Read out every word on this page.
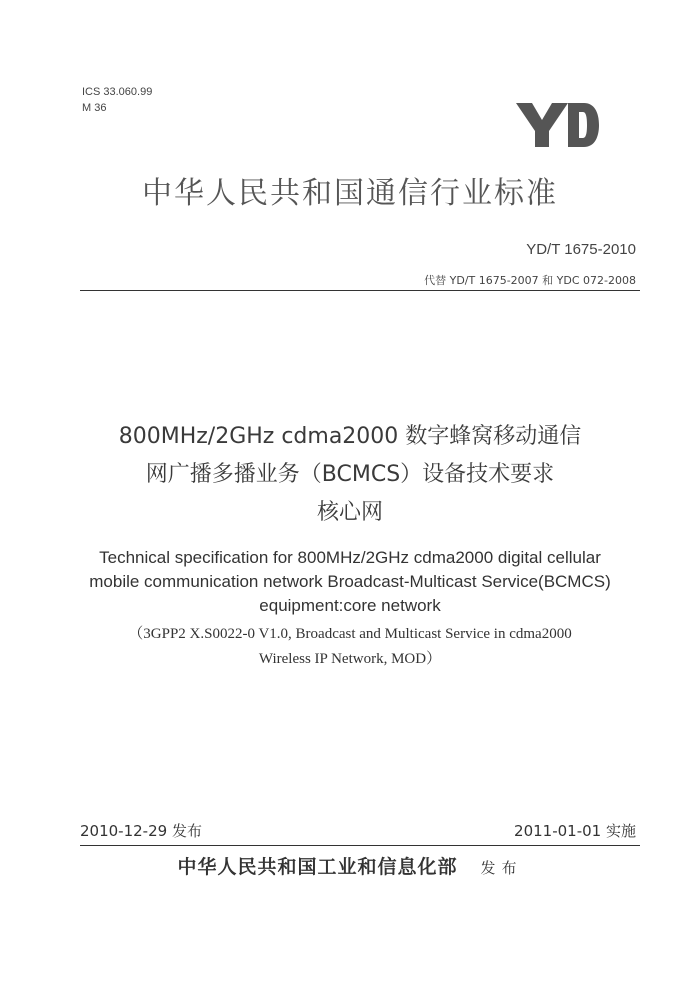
ICS 33.060.99
M 36
中华人民共和国通信行业标准
YD/T 1675-2010
代替 YD/T 1675-2007 和 YDC 072-2008
800MHz/2GHz cdma2000 数字蜂窝移动通信
网广播多播业务（BCMCS）设备技术要求
核心网
Technical specification for 800MHz/2GHz cdma2000 digital cellular
mobile communication network Broadcast-Multicast Service(BCMCS)
equipment:core network
（3GPP2 X.S0022-0 V1.0, Broadcast and Multicast Service in cdma2000
Wireless IP Network, MOD）
2010-12-29 发布	2011-01-01 实施
中华人民共和国工业和信息化部 发布
